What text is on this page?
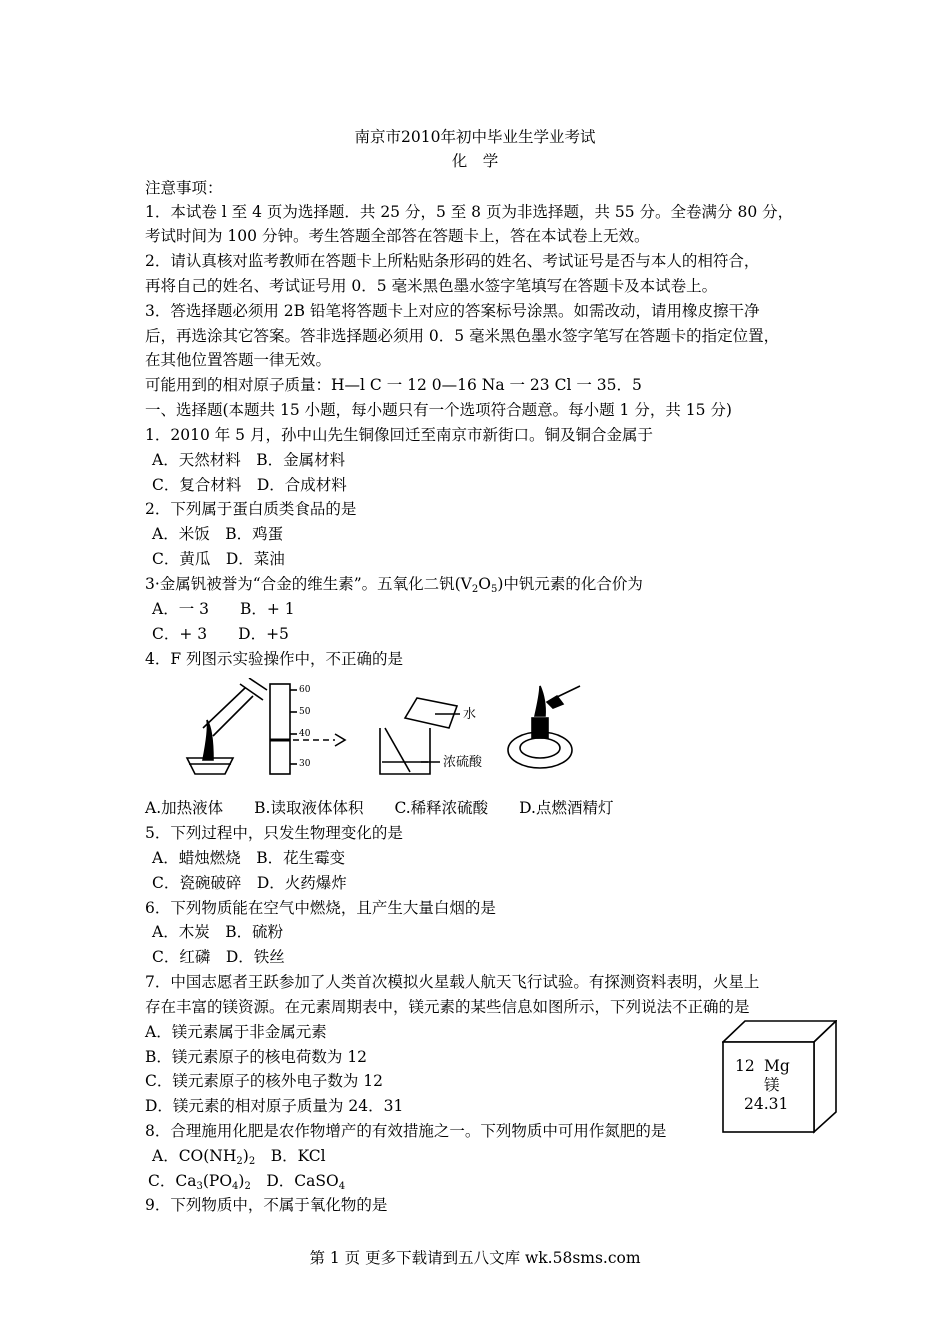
南京市2010年初中毕业生学业考试
化　学
注意事项：
1．本试卷 l 至 4 页为选择题．共 25 分，5 至 8 页为非选择题，共 55 分。全卷满分 80 分，
考试时间为 100 分钟。考生答题全部答在答题卡上，答在本试卷上无效。
2．请认真核对监考教师在答题卡上所粘贴条形码的姓名、考试证号是否与本人的相符合，
再将自己的姓名、考试证号用 0．5 毫米黑色墨水签字笔填写在答题卡及本试卷上。
3．答选择题必须用 2B 铅笔将答题卡上对应的答案标号涂黑。如需改动，请用橡皮擦干净
后，再选涂其它答案。答非选择题必须用 0．5 毫米黑色墨水签字笔写在答题卡的指定位置，
在其他位置答题一律无效。
可能用到的相对原子质量：H—l C 一 12 0—16 Na 一 23 Cl 一 35．5
一、选择题(本题共 15 小题，每小题只有一个选项符合题意。每小题 1 分，共 15 分)
1．2010 年 5 月，孙中山先生铜像回迁至南京市新街口。铜及铜合金属于
A．天然材料　B．金属材料
C．复合材料　D．合成材料
2．下列属于蛋白质类食品的是
A．米饭　B．鸡蛋
C．黄瓜　D．菜油
3·金属钒被誉为“合金的维生素”。五氧化二钒$(V_2O_5)$中钒元素的化合价为
A．一 3　　B．+ 1
C．+ 3　　D．+5
4．F 列图示实验操作中，不正确的是
60
50
40
30
水
浓硫酸
A.加热液体　　B.读取液体体积　　C.稀释浓硫酸　　D.点燃酒精灯
5．下列过程中，只发生物理变化的是
A．蜡烛燃烧　B．花生霉变
C．瓷碗破碎　D．火药爆炸
6．下列物质能在空气中燃烧，且产生大量白烟的是
A．木炭　B．硫粉
C．红磷　D．铁丝
7．中国志愿者王跃参加了人类首次模拟火星载人航天飞行试验。有探测资料表明，火星上
存在丰富的镁资源。在元素周期表中，镁元素的某些信息如图所示，下列说法不正确的是
A．镁元素属于非金属元素
B．镁元素原子的核电荷数为 12
C．镁元素原子的核外电子数为 12
D．镁元素的相对原子质量为 24．31
12 Mg
镁
24.31
8．合理施用化肥是农作物增产的有效措施之一。下列物质中可用作氮肥的是
A．$CO(NH_2)_2$　B．KCl
C．$Ca_3(PO_4)_2$　D．CaSO$_4$
9．下列物质中，不属于氧化物的是
第 1 页 更多下载请到五八文库 wk.58sms.com
